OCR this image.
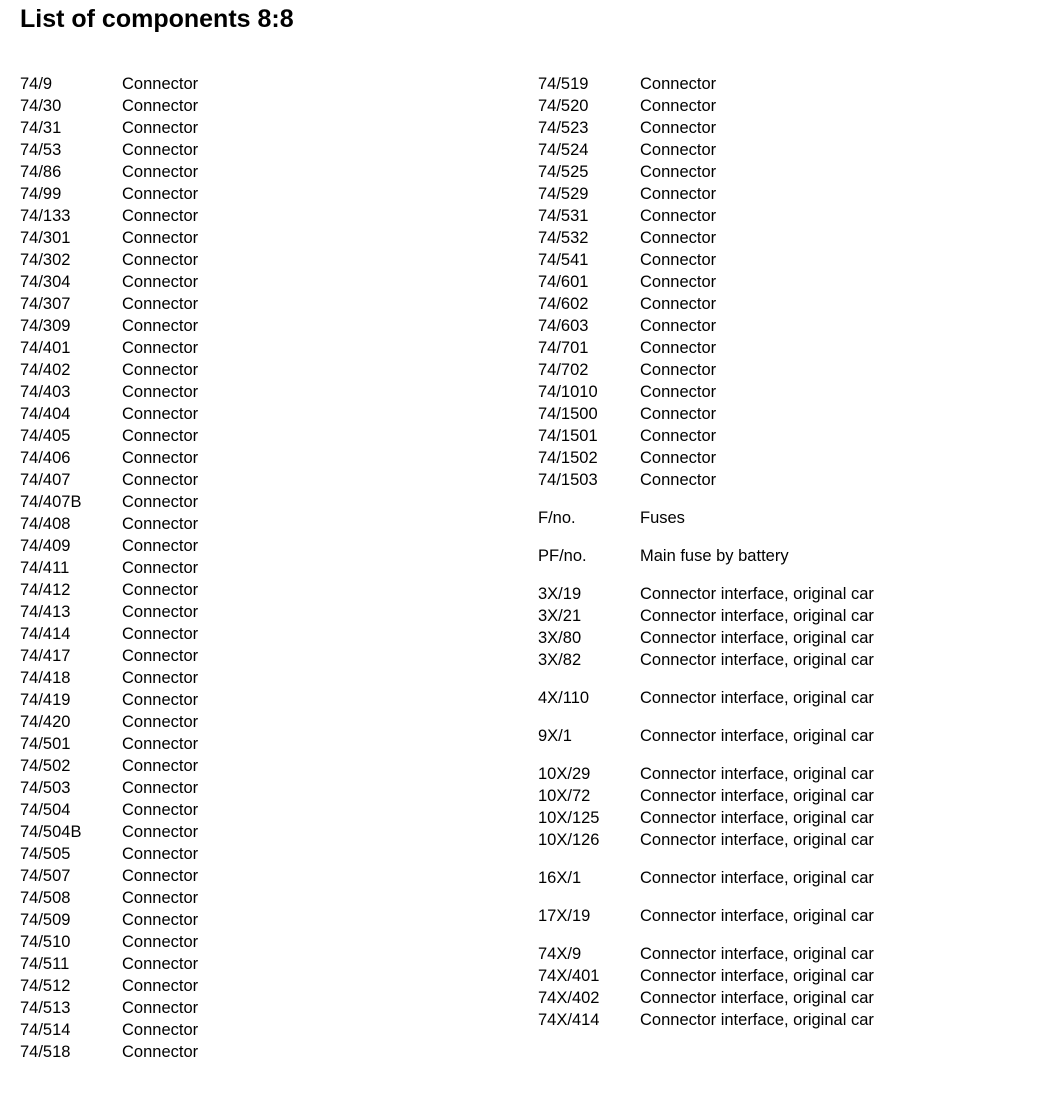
List of components 8:8
74/9	Connector
74/30	Connector
74/31	Connector
74/53	Connector
74/86	Connector
74/99	Connector
74/133	Connector
74/301	Connector
74/302	Connector
74/304	Connector
74/307	Connector
74/309	Connector
74/401	Connector
74/402	Connector
74/403	Connector
74/404	Connector
74/405	Connector
74/406	Connector
74/407	Connector
74/407B Connector
74/408	Connector
74/409	Connector
74/411	Connector
74/412	Connector
74/413	Connector
74/414	Connector
74/417	Connector
74/418	Connector
74/419	Connector
74/420	Connector
74/501	Connector
74/502	Connector
74/503	Connector
74/504	Connector
74/504B Connector
74/505	Connector
74/507	Connector
74/508	Connector
74/509	Connector
74/510	Connector
74/511	Connector
74/512	Connector
74/513	Connector
74/514	Connector
74/518	Connector
74/519	Connector
74/520	Connector
74/523	Connector
74/524	Connector
74/525	Connector
74/529	Connector
74/531	Connector
74/532	Connector
74/541	Connector
74/601	Connector
74/602	Connector
74/603	Connector
74/701	Connector
74/702	Connector
74/1010	Connector
74/1500	Connector
74/1501	Connector
74/1502	Connector
74/1503	Connector
F/no.	Fuses
PF/no.	Main fuse by battery
3X/19	Connector interface, original car
3X/21	Connector interface, original car
3X/80	Connector interface, original car
3X/82	Connector interface, original car
4X/110	Connector interface, original car
9X/1	Connector interface, original car
10X/29	Connector interface, original car
10X/72	Connector interface, original car
10X/125 Connector interface, original car
10X/126 Connector interface, original car
16X/1	Connector interface, original car
17X/19	Connector interface, original car
74X/9	Connector interface, original car
74X/401 Connector interface, original car
74X/402 Connector interface, original car
74X/414 Connector interface, original car
